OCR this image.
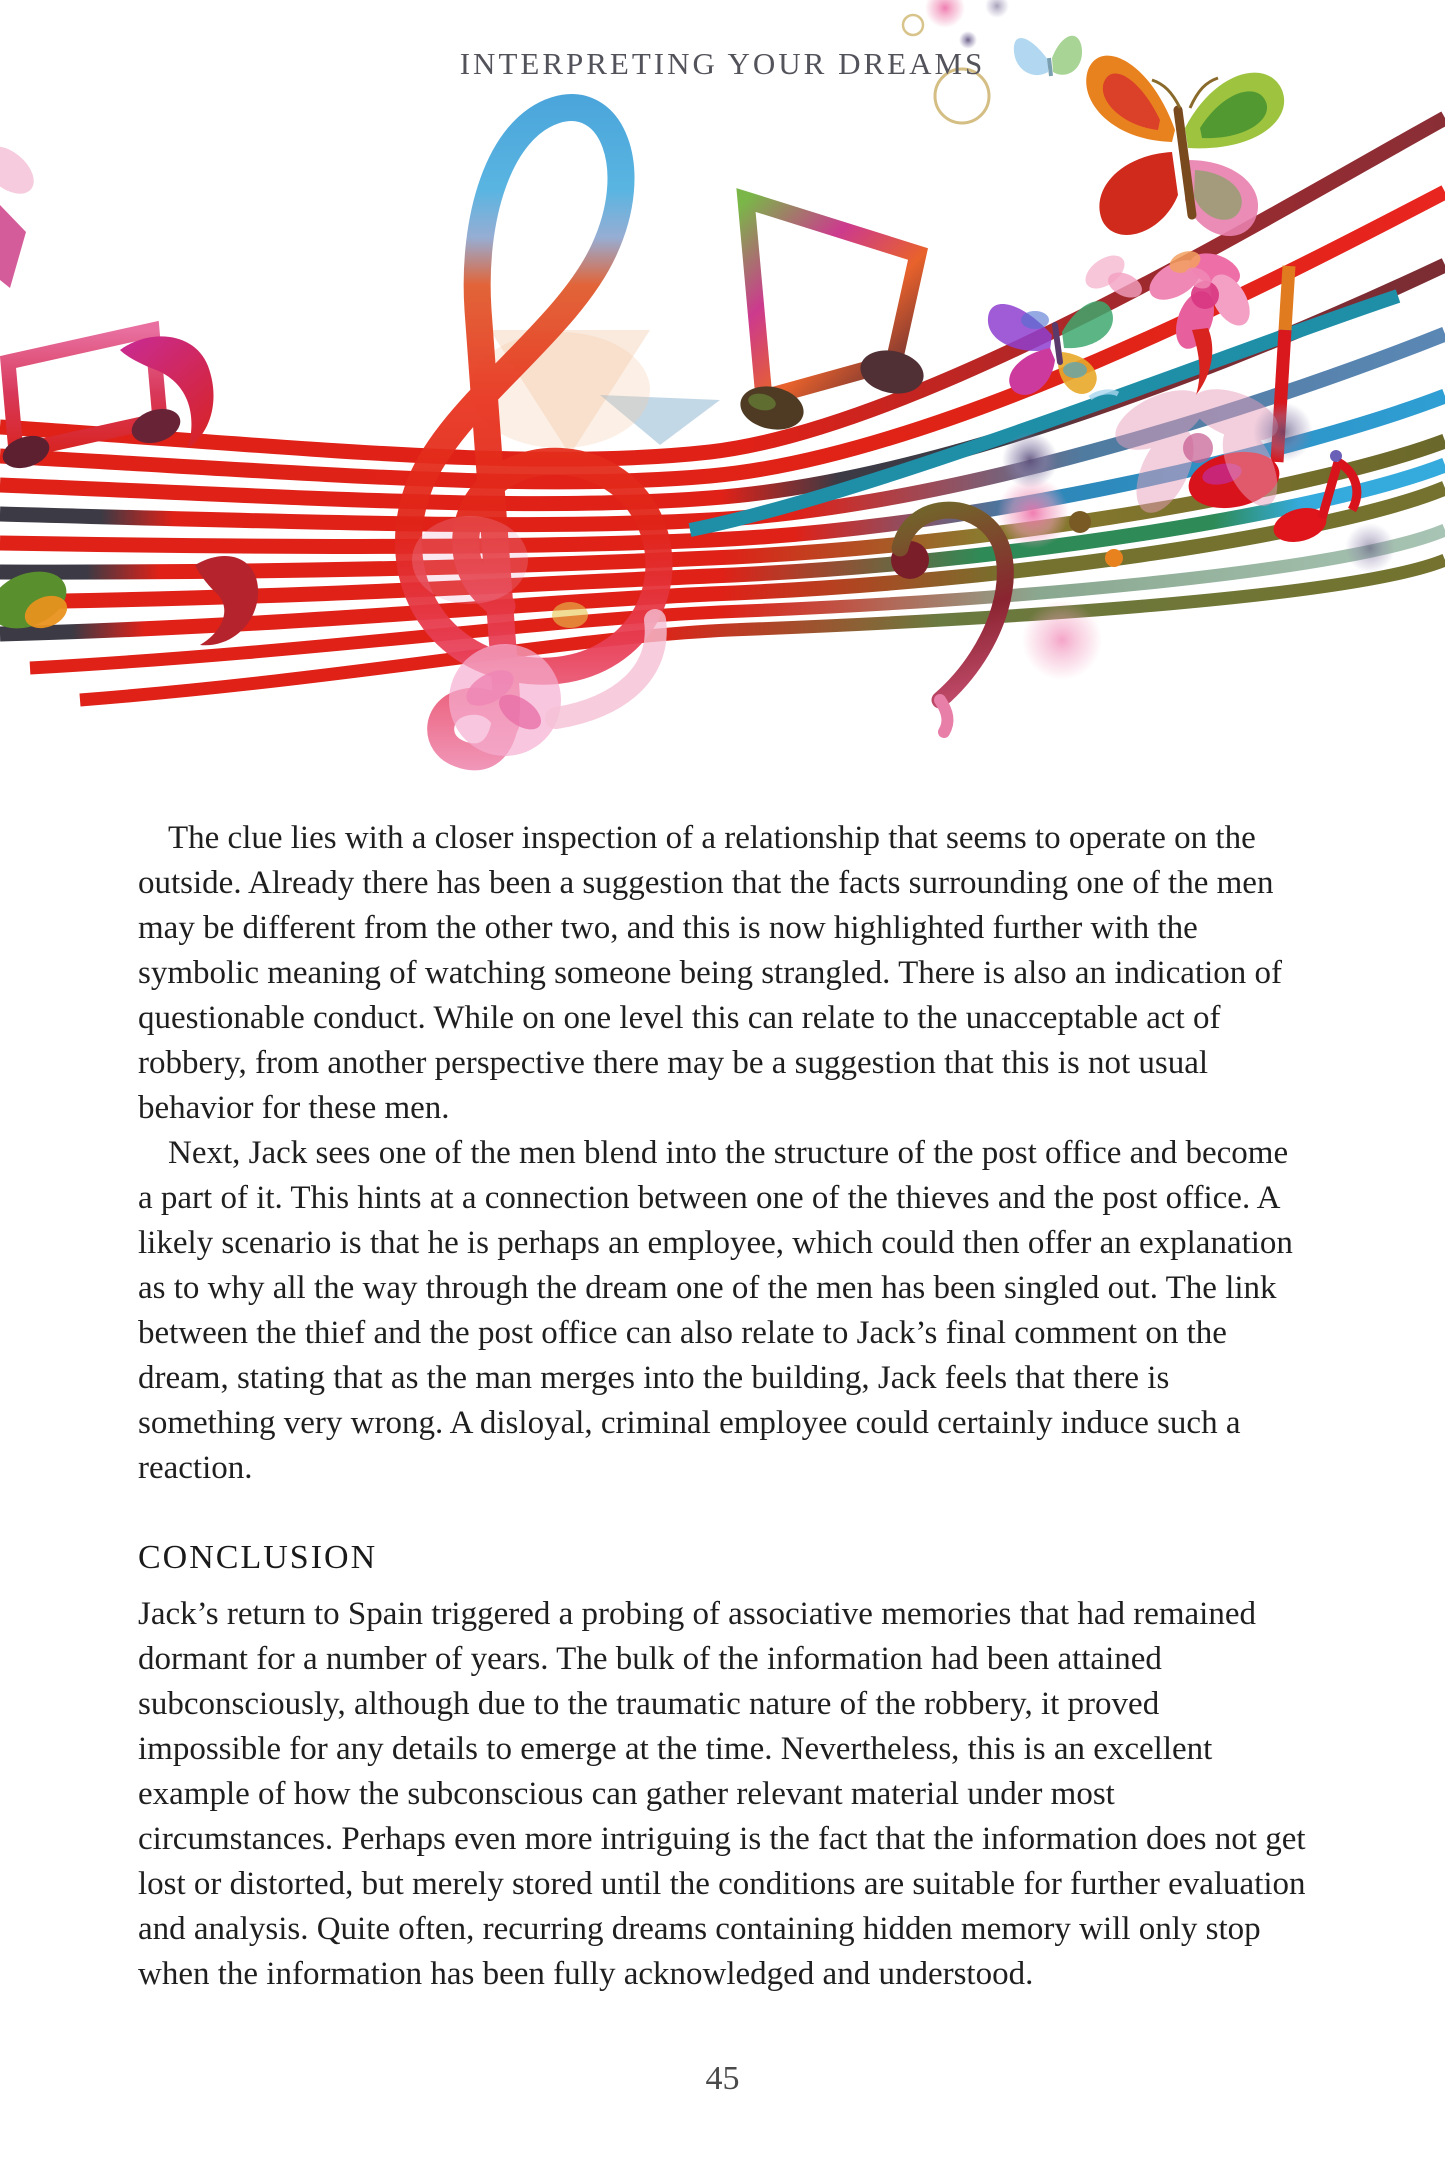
INTERPRETING YOUR DREAMS

The clue lies with a closer inspection of a relationship that seems to operate on the outside. Already there has been a suggestion that the facts surrounding one of the men may be different from the other two, and this is now highlighted further with the symbolic meaning of watching someone being strangled. There is also an indication of questionable conduct. While on one level this can relate to the unacceptable act of robbery, from another perspective there may be a suggestion that this is not usual behavior for these men.

Next, Jack sees one of the men blend into the structure of the post office and become a part of it. This hints at a connection between one of the thieves and the post office. A likely scenario is that he is perhaps an employee, which could then offer an explanation as to why all the way through the dream one of the men has been singled out. The link between the thief and the post office can also relate to Jack’s final comment on the dream, stating that as the man merges into the building, Jack feels that there is something very wrong. A disloyal, criminal employee could certainly induce such a reaction.

CONCLUSION

Jack’s return to Spain triggered a probing of associative memories that had remained dormant for a number of years. The bulk of the information had been attained subconsciously, although due to the traumatic nature of the robbery, it proved impossible for any details to emerge at the time. Nevertheless, this is an excellent example of how the subconscious can gather relevant material under most circumstances. Perhaps even more intriguing is the fact that the information does not get lost or distorted, but merely stored until the conditions are suitable for further evaluation and analysis. Quite often, recurring dreams containing hidden memory will only stop when the information has been fully acknowledged and understood.

45
